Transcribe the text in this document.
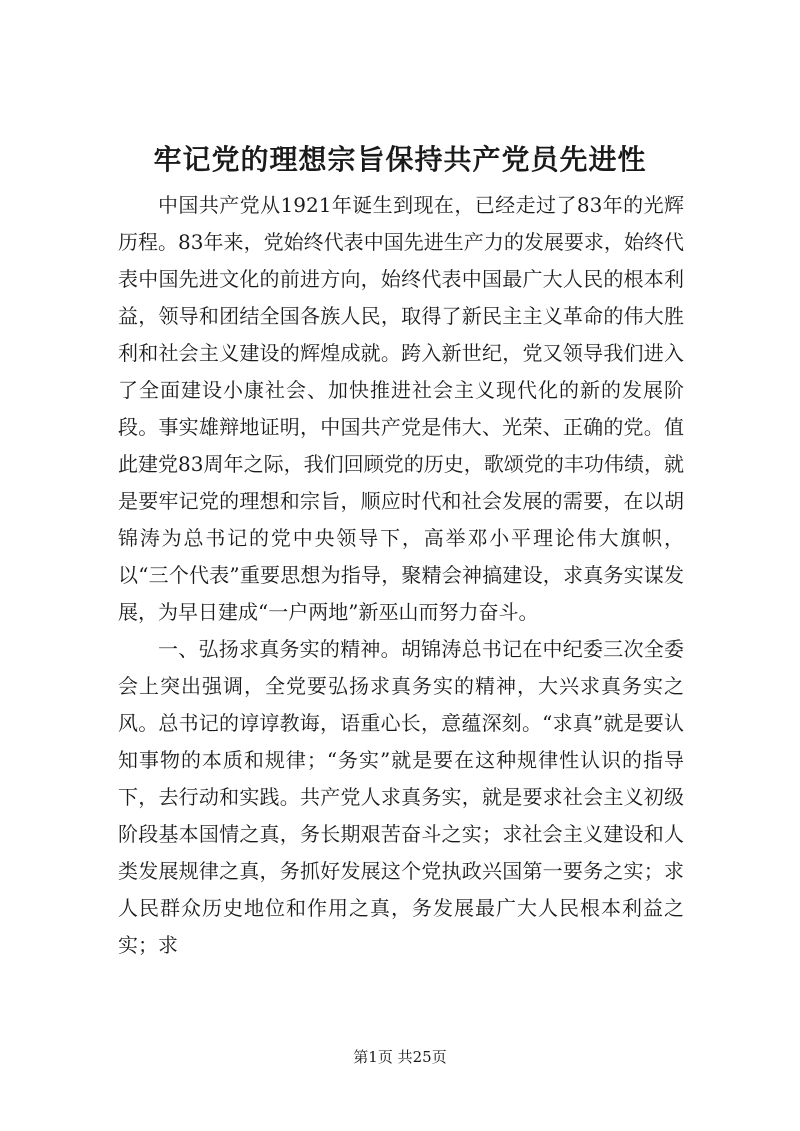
牢记党的理想宗旨保持共产党员先进性

中国共产党从1921年诞生到现在，已经走过了83年的光辉历程。83年来，党始终代表中国先进生产力的发展要求，始终代表中国先进文化的前进方向，始终代表中国最广大人民的根本利益，领导和团结全国各族人民，取得了新民主主义革命的伟大胜利和社会主义建设的辉煌成就。跨入新世纪，党又领导我们进入了全面建设小康社会、加快推进社会主义现代化的新的发展阶段。事实雄辩地证明，中国共产党是伟大、光荣、正确的党。值此建党83周年之际，我们回顾党的历史，歌颂党的丰功伟绩，就是要牢记党的理想和宗旨，顺应时代和社会发展的需要，在以胡锦涛为总书记的党中央领导下，高举邓小平理论伟大旗帜，以“三个代表”重要思想为指导，聚精会神搞建设，求真务实谋发展，为早日建成“一户两地”新巫山而努力奋斗。

一、弘扬求真务实的精神。胡锦涛总书记在中纪委三次全委会上突出强调，全党要弘扬求真务实的精神，大兴求真务实之风。总书记的谆谆教诲，语重心长，意蕴深刻。“求真”就是要认知事物的本质和规律；“务实”就是要在这种规律性认识的指导下，去行动和实践。共产党人求真务实，就是要求社会主义初级阶段基本国情之真，务长期艰苦奋斗之实；求社会主义建设和人类发展规律之真，务抓好发展这个党执政兴国第一要务之实；求人民群众历史地位和作用之真，务发展最广大人民根本利益之实；求

第1页 共25页
